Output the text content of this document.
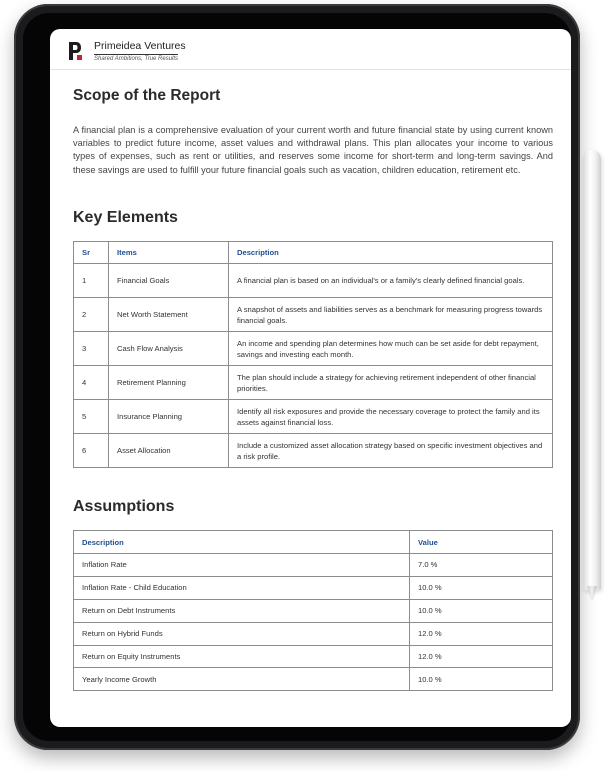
Primeidea Ventures
Shared Ambitions, True Results
Scope of the Report

A financial plan is a comprehensive evaluation of your current worth and future financial state by using current known variables to predict future income, asset values and withdrawal plans. This plan allocates your income to various types of expenses, such as rent or utilities, and reserves some income for short-term and long-term savings. And these savings are used to fulfill your future financial goals such as vacation, children education, retirement etc.

Key Elements
Sr	Items	Description
1	Financial Goals	A financial plan is based on an individual's or a family's clearly defined financial goals.
2	Net Worth Statement	A snapshot of assets and liabilities serves as a benchmark for measuring progress towards financial goals.
3	Cash Flow Analysis	An income and spending plan determines how much can be set aside for debt repayment, savings and investing each month.
4	Retirement Planning	The plan should include a strategy for achieving retirement independent of other financial priorities.
5	Insurance Planning	Identify all risk exposures and provide the necessary coverage to protect the family and its assets against financial loss.
6	Asset Allocation	Include a customized asset allocation strategy based on specific investment objectives and a risk profile.
Assumptions
Description	Value
Inflation Rate	7.0 %
Inflation Rate - Child Education	10.0 %
Return on Debt Instruments	10.0 %
Return on Hybrid Funds	12.0 %
Return on Equity Instruments	12.0 %
Yearly Income Growth	10.0 %
